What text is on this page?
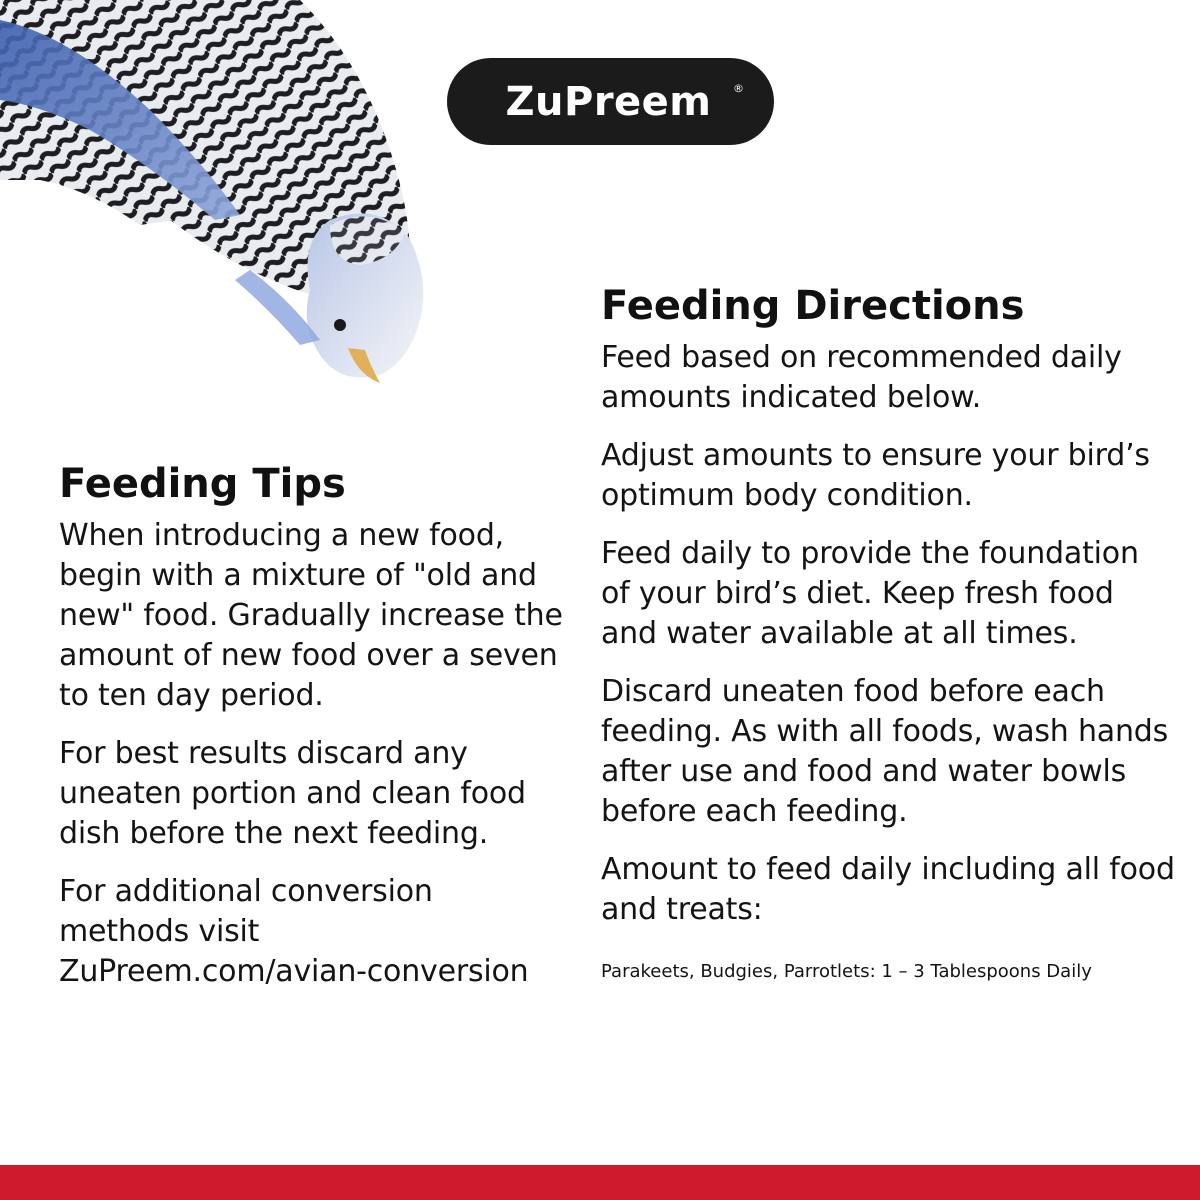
ZuPreem ®
Feeding Tips

When introducing a new food, begin with a mixture of "old and new" food. Gradually increase the amount of new food over a seven to ten day period.

For best results discard any uneaten portion and clean food dish before the next feeding.

For additional conversion methods visit ZuPreem.com/avian-conversion

Feeding Directions

Feed based on recommended daily amounts indicated below.

Adjust amounts to ensure your bird’s optimum body condition.

Feed daily to provide the foundation of your bird’s diet. Keep fresh food and water available at all times.

Discard uneaten food before each feeding. As with all foods, wash hands after use and food and water bowls before each feeding.

Amount to feed daily including all food and treats:

Parakeets, Budgies, Parrotlets: 1 – 3 Tablespoons Daily
